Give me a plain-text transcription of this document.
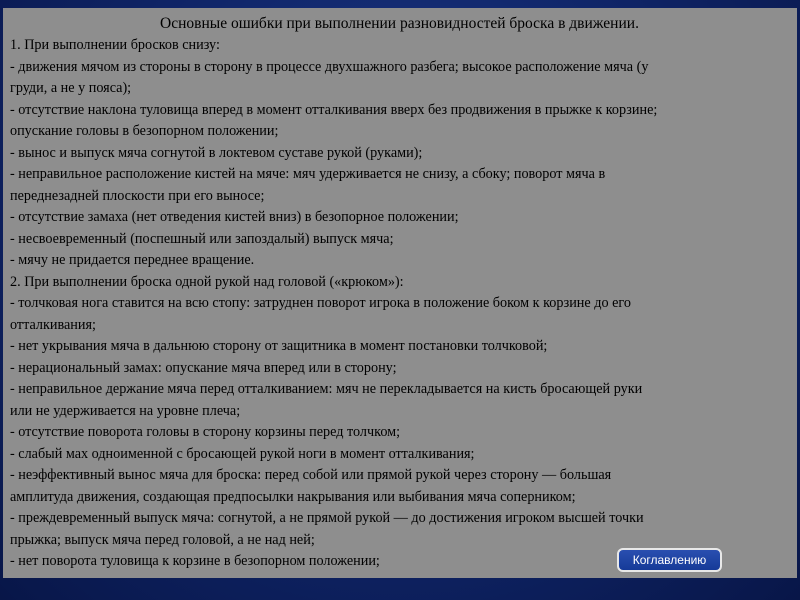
Основные ошибки при выполнении разновидностей броска в движении.
1. При выполнении бросков снизу:
- движения мячом из стороны в сторону в процессе двухшажного разбега; высокое расположение мяча (у
груди, а не у пояса);
- отсутствие наклона туловища вперед в момент отталкивания вверх без продвижения в прыжке к корзине;
опускание головы в безопорном положении;
- вынос и выпуск мяча согнутой в локтевом суставе рукой (руками);
- неправильное расположение кистей на мяче: мяч удерживается не снизу, а сбоку; поворот мяча в
переднезадней плоскости при его выносе;
- отсутствие замаха (нет отведения кистей вниз) в безопорное положении;
- несвоевременный (поспешный или запоздалый) выпуск мяча;
- мячу не придается переднее вращение.
2. При выполнении броска одной рукой над головой («крюком»):
- толчковая нога ставится на всю стопу: затруднен поворот игрока в положение боком к корзине до его
отталкивания;
- нет укрывания мяча в дальнюю сторону от защитника в момент постановки толчковой;
- нерациональный замах: опускание мяча вперед или в сторону;
- неправильное держание мяча перед отталкиванием: мяч не перекладывается на кисть бросающей руки
или не удерживается на уровне плеча;
- отсутствие поворота головы в сторону корзины перед толчком;
- слабый мах одноименной с бросающей рукой ноги в момент отталкивания;
- неэффективный вынос мяча для броска: перед собой или прямой рукой через сторону — большая
амплитуда движения, создающая предпосылки накрывания или выбивания мяча соперником;
- преждевременный выпуск мяча: согнутой, а не прямой рукой — до достижения игроком высшей точки
прыжка; выпуск мяча перед головой, а не над ней;
- нет поворота туловища к корзине в безопорном положении;	Коглавлению
